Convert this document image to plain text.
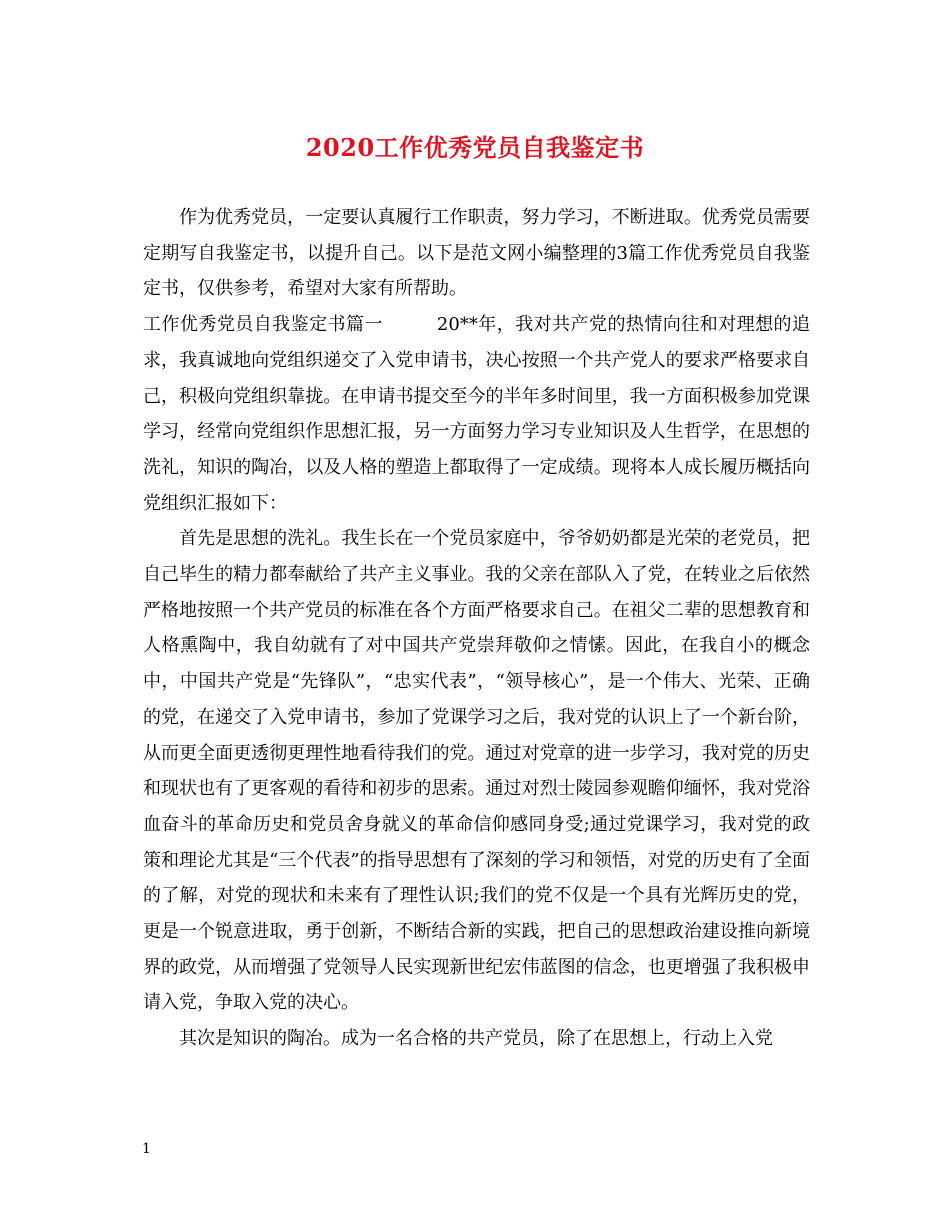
2020工作优秀党员自我鉴定书

作为优秀党员，一定要认真履行工作职责，努力学习，不断进取。优秀党员需要定期写自我鉴定书，以提升自己。以下是范文网小编整理的3篇工作优秀党员自我鉴定书，仅供参考，希望对大家有所帮助。

工作优秀党员自我鉴定书篇一	20**年，我对共产党的热情向往和对理想的追求，我真诚地向党组织递交了入党申请书，决心按照一个共产党人的要求严格要求自己，积极向党组织靠拢。在申请书提交至今的半年多时间里，我一方面积极参加党课学习，经常向党组织作思想汇报，另一方面努力学习专业知识及人生哲学，在思想的洗礼，知识的陶冶，以及人格的塑造上都取得了一定成绩。现将本人成长履历概括向党组织汇报如下：

首先是思想的洗礼。我生长在一个党员家庭中，爷爷奶奶都是光荣的老党员，把自己毕生的精力都奉献给了共产主义事业。我的父亲在部队入了党，在转业之后依然严格地按照一个共产党员的标准在各个方面严格要求自己。在祖父二辈的思想教育和人格熏陶中，我自幼就有了对中国共产党崇拜敬仰之情愫。因此，在我自小的概念中，中国共产党是“先锋队”，“忠实代表”，“领导核心”，是一个伟大、光荣、正确的党，在递交了入党申请书，参加了党课学习之后，我对党的认识上了一个新台阶，从而更全面更透彻更理性地看待我们的党。通过对党章的进一步学习，我对党的历史和现状也有了更客观的看待和初步的思索。通过对烈士陵园参观瞻仰缅怀，我对党浴血奋斗的革命历史和党员舍身就义的革命信仰感同身受;通过党课学习，我对党的政策和理论尤其是“三个代表”的指导思想有了深刻的学习和领悟，对党的历史有了全面的了解，对党的现状和未来有了理性认识;我们的党不仅是一个具有光辉历史的党，更是一个锐意进取，勇于创新，不断结合新的实践，把自己的思想政治建设推向新境界的政党，从而增强了党领导人民实现新世纪宏伟蓝图的信念，也更增强了我积极申请入党，争取入党的决心。

其次是知识的陶冶。成为一名合格的共产党员，除了在思想上，行动上入党

1
